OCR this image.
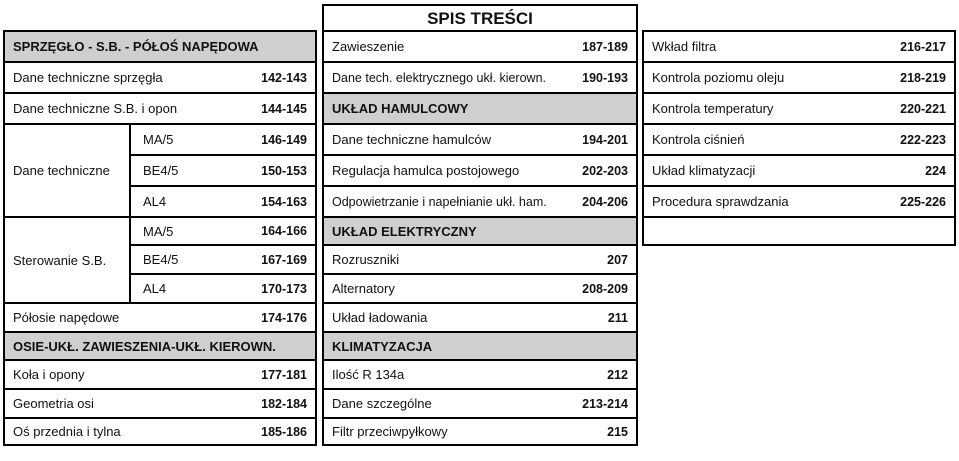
SPIS TREŚCI
SPRZĘGŁO - S.B. - PÓŁOŚ NAPĘDOWA
Dane techniczne sprzęgła	142-143
Dane techniczne S.B. i opon	144-145
Dane techniczne
MA/5	146-149
BE4/5	150-153
AL4	154-163
Sterowanie S.B.
MA/5	164-166
BE4/5	167-169
AL4	170-173
Półosie napędowe	174-176
OSIE-UKŁ. ZAWIESZENIA-UKŁ. KIEROWN.
Koła i opony	177-181
Geometria osi	182-184
Oś przednia i tylna	185-186
Zawieszenie	187-189
Dane tech. elektrycznego ukł. kierown.	190-193
UKŁAD HAMULCOWY
Dane techniczne hamulców	194-201
Regulacja hamulca postojowego	202-203
Odpowietrzanie i napełnianie ukł. ham.	204-206
UKŁAD ELEKTRYCZNY
Rozruszniki	207
Alternatory	208-209
Układ ładowania	211
KLIMATYZACJA
Ilość R 134a	212
Dane szczególne	213-214
Filtr przeciwpyłkowy	215
Wkład filtra	216-217
Kontrola poziomu oleju	218-219
Kontrola temperatury	220-221
Kontrola ciśnień	222-223
Układ klimatyzacji	224
Procedura sprawdzania	225-226
